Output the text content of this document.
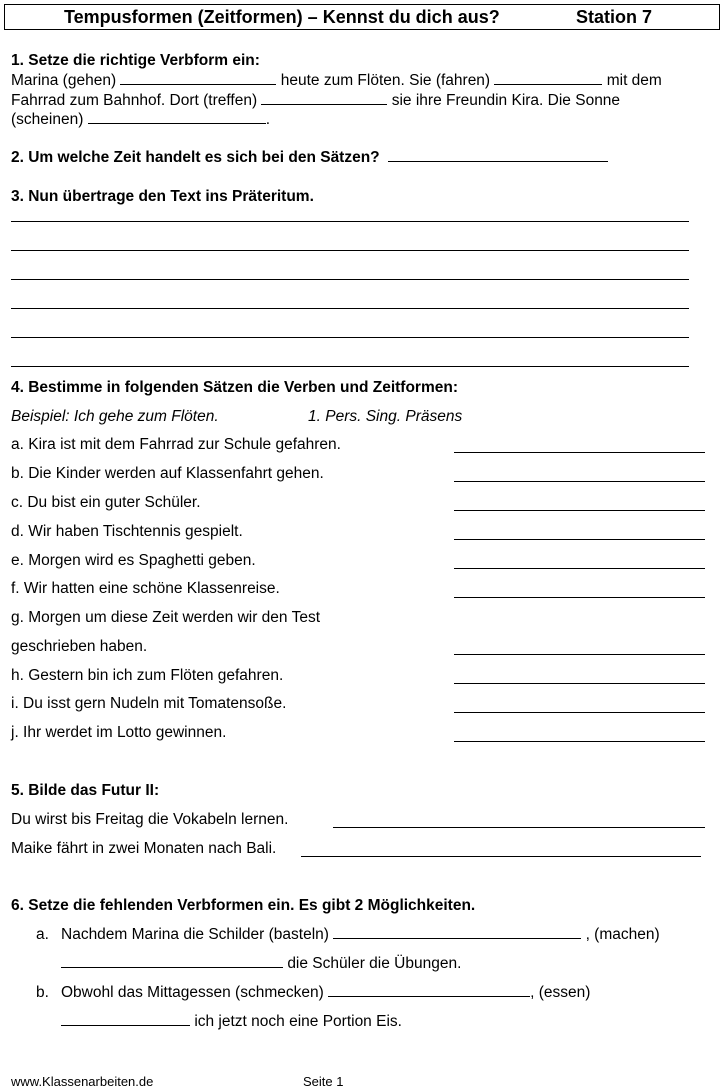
Tempusformen (Zeitformen) – Kennst du dich aus?	Station 7
1. Setze die richtige Verbform ein:
Marina (gehen)	heute zum Flöten. Sie (fahren)	mit dem
Fahrrad zum Bahnhof. Dort (treffen)	sie ihre Freundin Kira. Die Sonne
(scheinen)	.
2. Um welche Zeit handelt es sich bei den Sätzen?
3. Nun übertrage den Text ins Präteritum.
4. Bestimme in folgenden Sätzen die Verben und Zeitformen:
Beispiel: Ich gehe zum Flöten.	1. Pers. Sing. Präsens
a. Kira ist mit dem Fahrrad zur Schule gefahren.
b. Die Kinder werden auf Klassenfahrt gehen.
c. Du bist ein guter Schüler.
d. Wir haben Tischtennis gespielt.
e. Morgen wird es Spaghetti geben.
f. Wir hatten eine schöne Klassenreise.
g. Morgen um diese Zeit werden wir den Test
geschrieben haben.
h. Gestern bin ich zum Flöten gefahren.
i. Du isst gern Nudeln mit Tomatensoße.
j. Ihr werdet im Lotto gewinnen.
5. Bilde das Futur II:
Du wirst bis Freitag die Vokabeln lernen.
Maike fährt in zwei Monaten nach Bali.
6. Setze die fehlenden Verbformen ein. Es gibt 2 Möglichkeiten.
a. Nachdem Marina die Schilder (basteln)	, (machen)
die Schüler die Übungen.
b. Obwohl das Mittagessen (schmecken)	, (essen)
ich jetzt noch eine Portion Eis.
www.Klassenarbeiten.de	Seite 1
